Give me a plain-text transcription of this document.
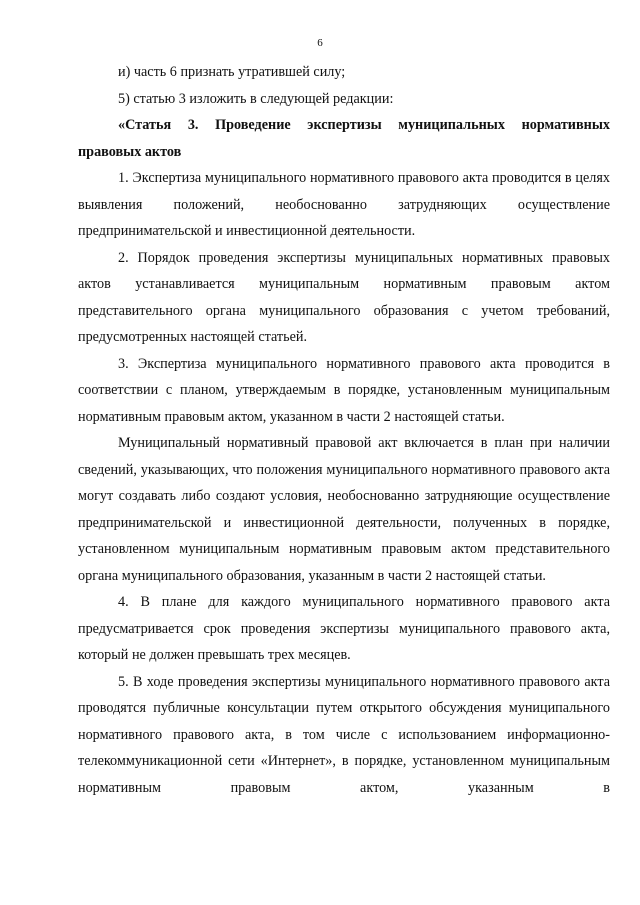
6

и) часть 6 признать утратившей силу;

5) статью 3 изложить в следующей редакции:

«Статья 3. Проведение экспертизы муниципальных нормативных правовых актов

1. Экспертиза муниципального нормативного правового акта проводится в целях выявления положений, необоснованно затрудняющих осуществление предпринимательской и инвестиционной деятельности.

2. Порядок проведения экспертизы муниципальных нормативных правовых актов устанавливается муниципальным нормативным правовым актом представительного органа муниципального образования с учетом требований, предусмотренных настоящей статьей.

3. Экспертиза муниципального нормативного правового акта проводится в соответствии с планом, утверждаемым в порядке, установленным муниципальным нормативным правовым актом, указанном в части 2 настоящей статьи.

Муниципальный нормативный правовой акт включается в план при наличии сведений, указывающих, что положения муниципального нормативного правового акта могут создавать либо создают условия, необоснованно затрудняющие осуществление предпринимательской и инвестиционной деятельности, полученных в порядке, установленном муниципальным нормативным правовым актом представительного органа муниципального образования, указанным в части 2 настоящей статьи.

4. В плане для каждого муниципального нормативного правового акта предусматривается срок проведения экспертизы муниципального правового акта, который не должен превышать трех месяцев.

5. В ходе проведения экспертизы муниципального нормативного правового акта проводятся публичные консультации путем открытого обсуждения муниципального нормативного правового акта, в том числе с использованием информационно-телекоммуникационной сети «Интернет», в порядке, установленном муниципальным нормативным правовым актом, указанным в
